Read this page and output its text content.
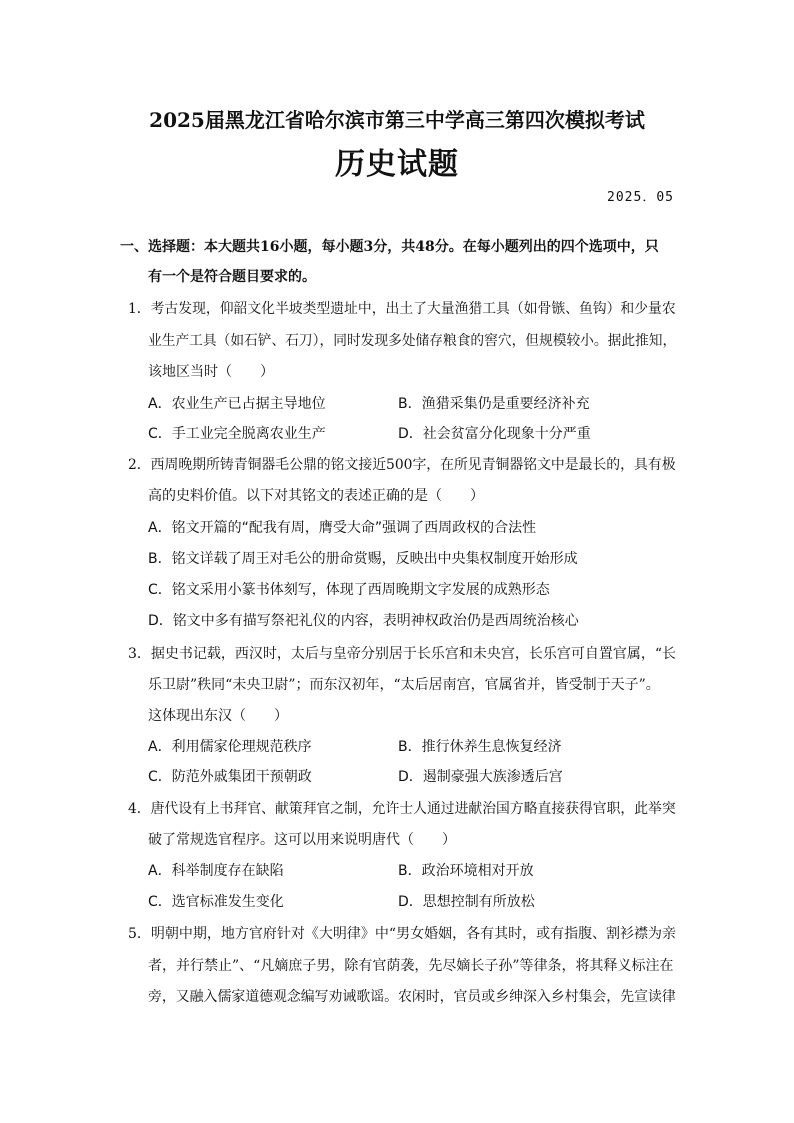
2025届黑龙江省哈尔滨市第三中学高三第四次模拟考试
历史试题
2025．05
一、选择题：本大题共16小题，每小题3分，共48分。在每小题列出的四个选项中，只
有一个是符合题目要求的。
1．考古发现，仰韶文化半坡类型遗址中，出土了大量渔猎工具（如骨镞、鱼钩）和少量农
业生产工具（如石铲、石刀），同时发现多处储存粮食的窖穴，但规模较小。据此推知，
该地区当时（　　）
A．农业生产已占据主导地位	B．渔猎采集仍是重要经济补充
C．手工业完全脱离农业生产	D．社会贫富分化现象十分严重
2．西周晚期所铸青铜器毛公鼎的铭文接近500字，在所见青铜器铭文中是最长的，具有极
高的史料价值。以下对其铭文的表述正确的是（　　）
A．铭文开篇的“配我有周，膺受大命”强调了西周政权的合法性
B．铭文详载了周王对毛公的册命赏赐，反映出中央集权制度开始形成
C．铭文采用小篆书体刻写，体现了西周晚期文字发展的成熟形态
D．铭文中多有描写祭祀礼仪的内容，表明神权政治仍是西周统治核心
3．据史书记载，西汉时，太后与皇帝分别居于长乐宫和未央宫，长乐宫可自置官属，“长
乐卫尉”秩同“未央卫尉”；而东汉初年，“太后居南宫，官属省并，皆受制于天子”。
这体现出东汉（　　）
A．利用儒家伦理规范秩序	B．推行休养生息恢复经济
C．防范外戚集团干预朝政	D．遏制豪强大族渗透后宫
4．唐代设有上书拜官、献策拜官之制，允许士人通过进献治国方略直接获得官职，此举突
破了常规选官程序。这可以用来说明唐代（　　）
A．科举制度存在缺陷	B．政治环境相对开放
C．选官标准发生变化	D．思想控制有所放松
5．明朝中期，地方官府针对《大明律》中“男女婚姻，各有其时，或有指腹、割衫襟为亲
者，并行禁止”、“凡嫡庶子男，除有官荫袭，先尽嫡长子孙”等律条，将其释义标注在
旁，又融入儒家道德观念编写劝诫歌谣。农闲时，官员或乡绅深入乡村集会，先宣读律
